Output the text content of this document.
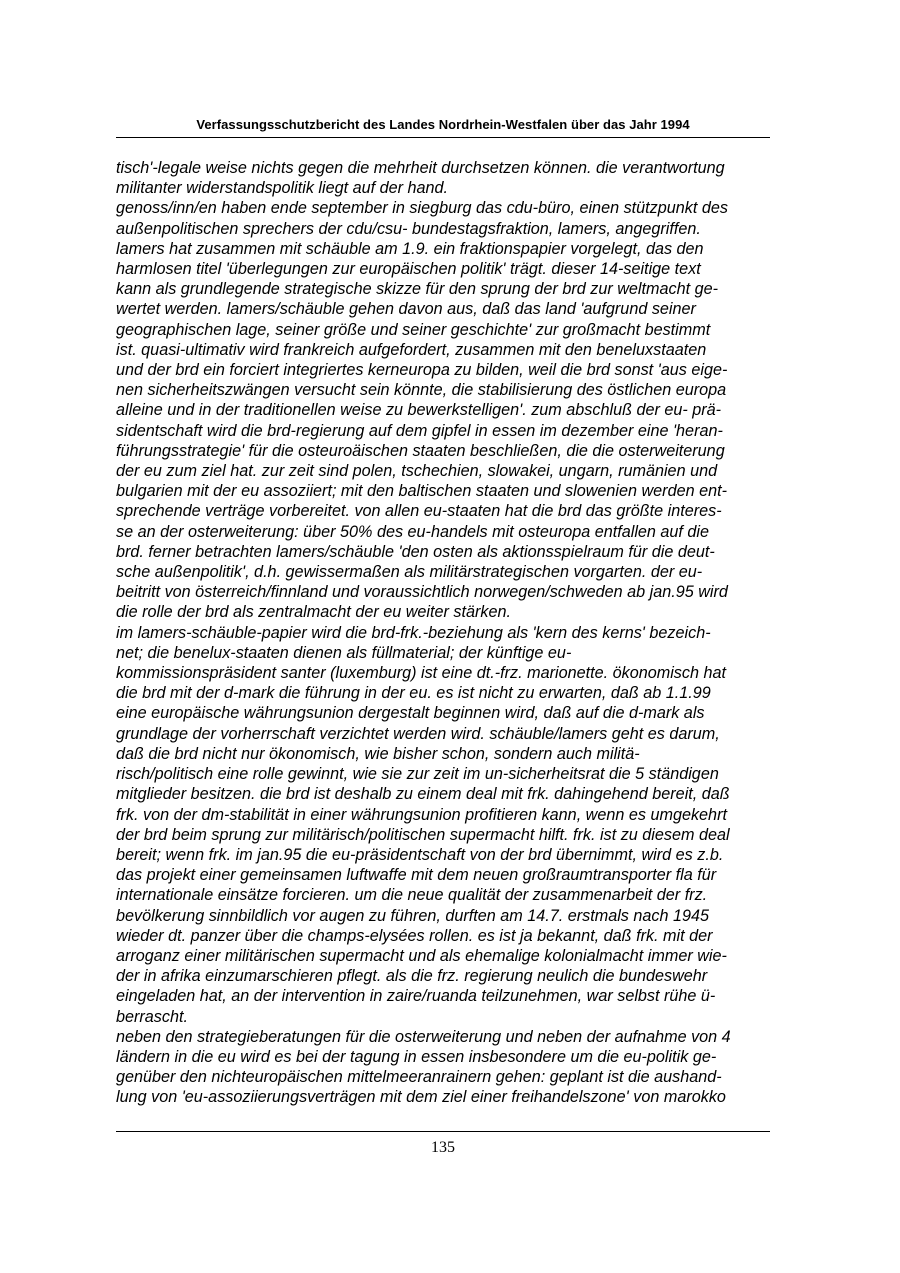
Verfassungsschutzbericht des Landes Nordrhein-Westfalen über das Jahr 1994
tisch'-legale weise nichts gegen die mehrheit durchsetzen können. die verantwortung
militanter widerstandspolitik liegt auf der hand.
genoss/inn/en haben ende september in siegburg das cdu-büro, einen stützpunkt des
außenpolitischen sprechers der cdu/csu- bundestagsfraktion, lamers, angegriffen.
lamers hat zusammen mit schäuble am 1.9. ein fraktionspapier vorgelegt, das den
harmlosen titel 'überlegungen zur europäischen politik' trägt. dieser 14-seitige text
kann als grundlegende strategische skizze für den sprung der brd zur weltmacht ge-
wertet werden. lamers/schäuble gehen davon aus, daß das land 'aufgrund seiner
geographischen lage, seiner größe und seiner geschichte' zur großmacht bestimmt
ist. quasi-ultimativ wird frankreich aufgefordert, zusammen mit den beneluxstaaten
und der brd ein forciert integriertes kerneuropa zu bilden, weil die brd sonst 'aus eige-
nen sicherheitszwängen versucht sein könnte, die stabilisierung des östlichen europa
alleine und in der traditionellen weise zu bewerkstelligen'. zum abschluß der eu- prä-
sidentschaft wird die brd-regierung auf dem gipfel in essen im dezember eine 'heran-
führungsstrategie' für die osteuroäischen staaten beschließen, die die osterweiterung
der eu zum ziel hat. zur zeit sind polen, tschechien, slowakei, ungarn, rumänien und
bulgarien mit der eu assoziiert; mit den baltischen staaten und slowenien werden ent-
sprechende verträge vorbereitet. von allen eu-staaten hat die brd das größte interes-
se an der osterweiterung: über 50% des eu-handels mit osteuropa entfallen auf die
brd. ferner betrachten lamers/schäuble 'den osten als aktionsspielraum für die deut-
sche außenpolitik', d.h. gewissermaßen als militärstrategischen vorgarten. der eu-
beitritt von österreich/finnland und voraussichtlich norwegen/schweden ab jan.95 wird
die rolle der brd als zentralmacht der eu weiter stärken.
im lamers-schäuble-papier wird die brd-frk.-beziehung als 'kern des kerns' bezeich-
net; die benelux-staaten dienen als füllmaterial; der künftige eu-
kommissionspräsident santer (luxemburg) ist eine dt.-frz. marionette. ökonomisch hat
die brd mit der d-mark die führung in der eu. es ist nicht zu erwarten, daß ab 1.1.99
eine europäische währungsunion dergestalt beginnen wird, daß auf die d-mark als
grundlage der vorherrschaft verzichtet werden wird. schäuble/lamers geht es darum,
daß die brd nicht nur ökonomisch, wie bisher schon, sondern auch militä-
risch/politisch eine rolle gewinnt, wie sie zur zeit im un-sicherheitsrat die 5 ständigen
mitglieder besitzen. die brd ist deshalb zu einem deal mit frk. dahingehend bereit, daß
frk. von der dm-stabilität in einer währungsunion profitieren kann, wenn es umgekehrt
der brd beim sprung zur militärisch/politischen supermacht hilft. frk. ist zu diesem deal
bereit; wenn frk. im jan.95 die eu-präsidentschaft von der brd übernimmt, wird es z.b.
das projekt einer gemeinsamen luftwaffe mit dem neuen großraumtransporter fla für
internationale einsätze forcieren. um die neue qualität der zusammenarbeit der frz.
bevölkerung sinnbildlich vor augen zu führen, durften am 14.7. erstmals nach 1945
wieder dt. panzer über die champs-elysées rollen. es ist ja bekannt, daß frk. mit der
arroganz einer militärischen supermacht und als ehemalige kolonialmacht immer wie-
der in afrika einzumarschieren pflegt. als die frz. regierung neulich die bundeswehr
eingeladen hat, an der intervention in zaire/ruanda teilzunehmen, war selbst rühe ü-
berrascht.
neben den strategieberatungen für die osterweiterung und neben der aufnahme von 4
ländern in die eu wird es bei der tagung in essen insbesondere um die eu-politik ge-
genüber den nichteuropäischen mittelmeeranrainern gehen: geplant ist die aushand-
lung von 'eu-assoziierungsverträgen mit dem ziel einer freihandelszone' von marokko
135
